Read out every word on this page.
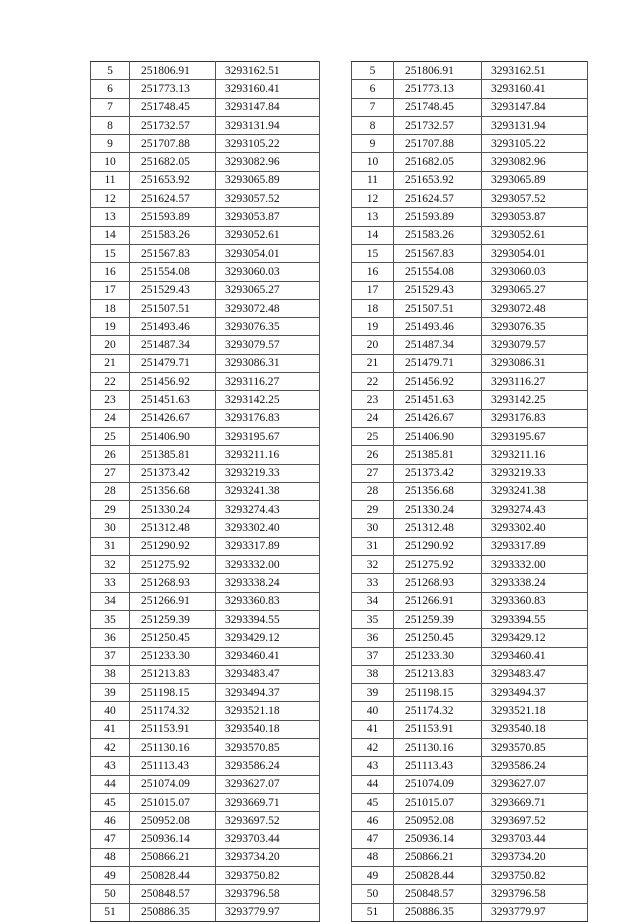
5	251806.91	3293162.51
6	251773.13	3293160.41
7	251748.45	3293147.84
8	251732.57	3293131.94
9	251707.88	3293105.22
10	251682.05	3293082.96
11	251653.92	3293065.89
12	251624.57	3293057.52
13	251593.89	3293053.87
14	251583.26	3293052.61
15	251567.83	3293054.01
16	251554.08	3293060.03
17	251529.43	3293065.27
18	251507.51	3293072.48
19	251493.46	3293076.35
20	251487.34	3293079.57
21	251479.71	3293086.31
22	251456.92	3293116.27
23	251451.63	3293142.25
24	251426.67	3293176.83
25	251406.90	3293195.67
26	251385.81	3293211.16
27	251373.42	3293219.33
28	251356.68	3293241.38
29	251330.24	3293274.43
30	251312.48	3293302.40
31	251290.92	3293317.89
32	251275.92	3293332.00
33	251268.93	3293338.24
34	251266.91	3293360.83
35	251259.39	3293394.55
36	251250.45	3293429.12
37	251233.30	3293460.41
38	251213.83	3293483.47
39	251198.15	3293494.37
40	251174.32	3293521.18
41	251153.91	3293540.18
42	251130.16	3293570.85
43	251113.43	3293586.24
44	251074.09	3293627.07
45	251015.07	3293669.71
46	250952.08	3293697.52
47	250936.14	3293703.44
48	250866.21	3293734.20
49	250828.44	3293750.82
50	250848.57	3293796.58
51	250886.35	3293779.97
5	251806.91	3293162.51
6	251773.13	3293160.41
7	251748.45	3293147.84
8	251732.57	3293131.94
9	251707.88	3293105.22
10	251682.05	3293082.96
11	251653.92	3293065.89
12	251624.57	3293057.52
13	251593.89	3293053.87
14	251583.26	3293052.61
15	251567.83	3293054.01
16	251554.08	3293060.03
17	251529.43	3293065.27
18	251507.51	3293072.48
19	251493.46	3293076.35
20	251487.34	3293079.57
21	251479.71	3293086.31
22	251456.92	3293116.27
23	251451.63	3293142.25
24	251426.67	3293176.83
25	251406.90	3293195.67
26	251385.81	3293211.16
27	251373.42	3293219.33
28	251356.68	3293241.38
29	251330.24	3293274.43
30	251312.48	3293302.40
31	251290.92	3293317.89
32	251275.92	3293332.00
33	251268.93	3293338.24
34	251266.91	3293360.83
35	251259.39	3293394.55
36	251250.45	3293429.12
37	251233.30	3293460.41
38	251213.83	3293483.47
39	251198.15	3293494.37
40	251174.32	3293521.18
41	251153.91	3293540.18
42	251130.16	3293570.85
43	251113.43	3293586.24
44	251074.09	3293627.07
45	251015.07	3293669.71
46	250952.08	3293697.52
47	250936.14	3293703.44
48	250866.21	3293734.20
49	250828.44	3293750.82
50	250848.57	3293796.58
51	250886.35	3293779.97
